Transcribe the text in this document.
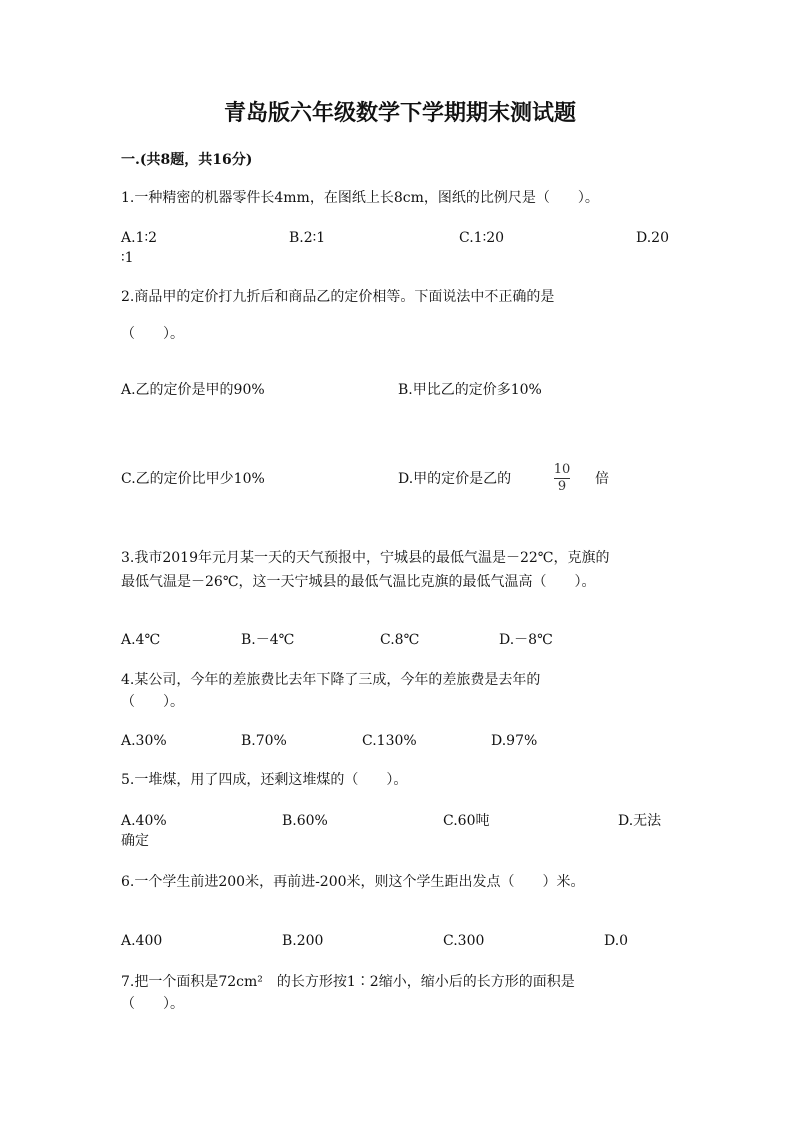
青岛版六年级数学下学期期末测试题
一.(共8题，共16分)
1.一种精密的机器零件长4mm，在图纸上长8cm，图纸的比例尺是（　　）。
A.1∶2	B.2∶1	C.1∶20	D.20
∶1
2.商品甲的定价打九折后和商品乙的定价相等。下面说法中不正确的是
（　　）。
A.乙的定价是甲的90%	B.甲比乙的定价多10%
C.乙的定价比甲少10%	D.甲的定价是乙的
10
9	倍
3.我市2019年元月某一天的天气预报中，宁城县的最低气温是－22℃，克旗的
最低气温是－26℃，这一天宁城县的最低气温比克旗的最低气温高（　　）。
A.4℃	B.－4℃	C.8℃	D.－8℃
4.某公司，今年的差旅费比去年下降了三成，今年的差旅费是去年的
（　　）。
A.30%	B.70%	C.130%	D.97%
5.一堆煤，用了四成，还剩这堆煤的（　　）。
A.40%	B.60%	C.60吨	D.无法
确定
6.一个学生前进200米，再前进-200米，则这个学生距出发点（　　）米。
A.400	B.200	C.300	D.0
7.把一个面积是72cm²　的长方形按1∶2缩小，缩小后的长方形的面积是
（　　）。
